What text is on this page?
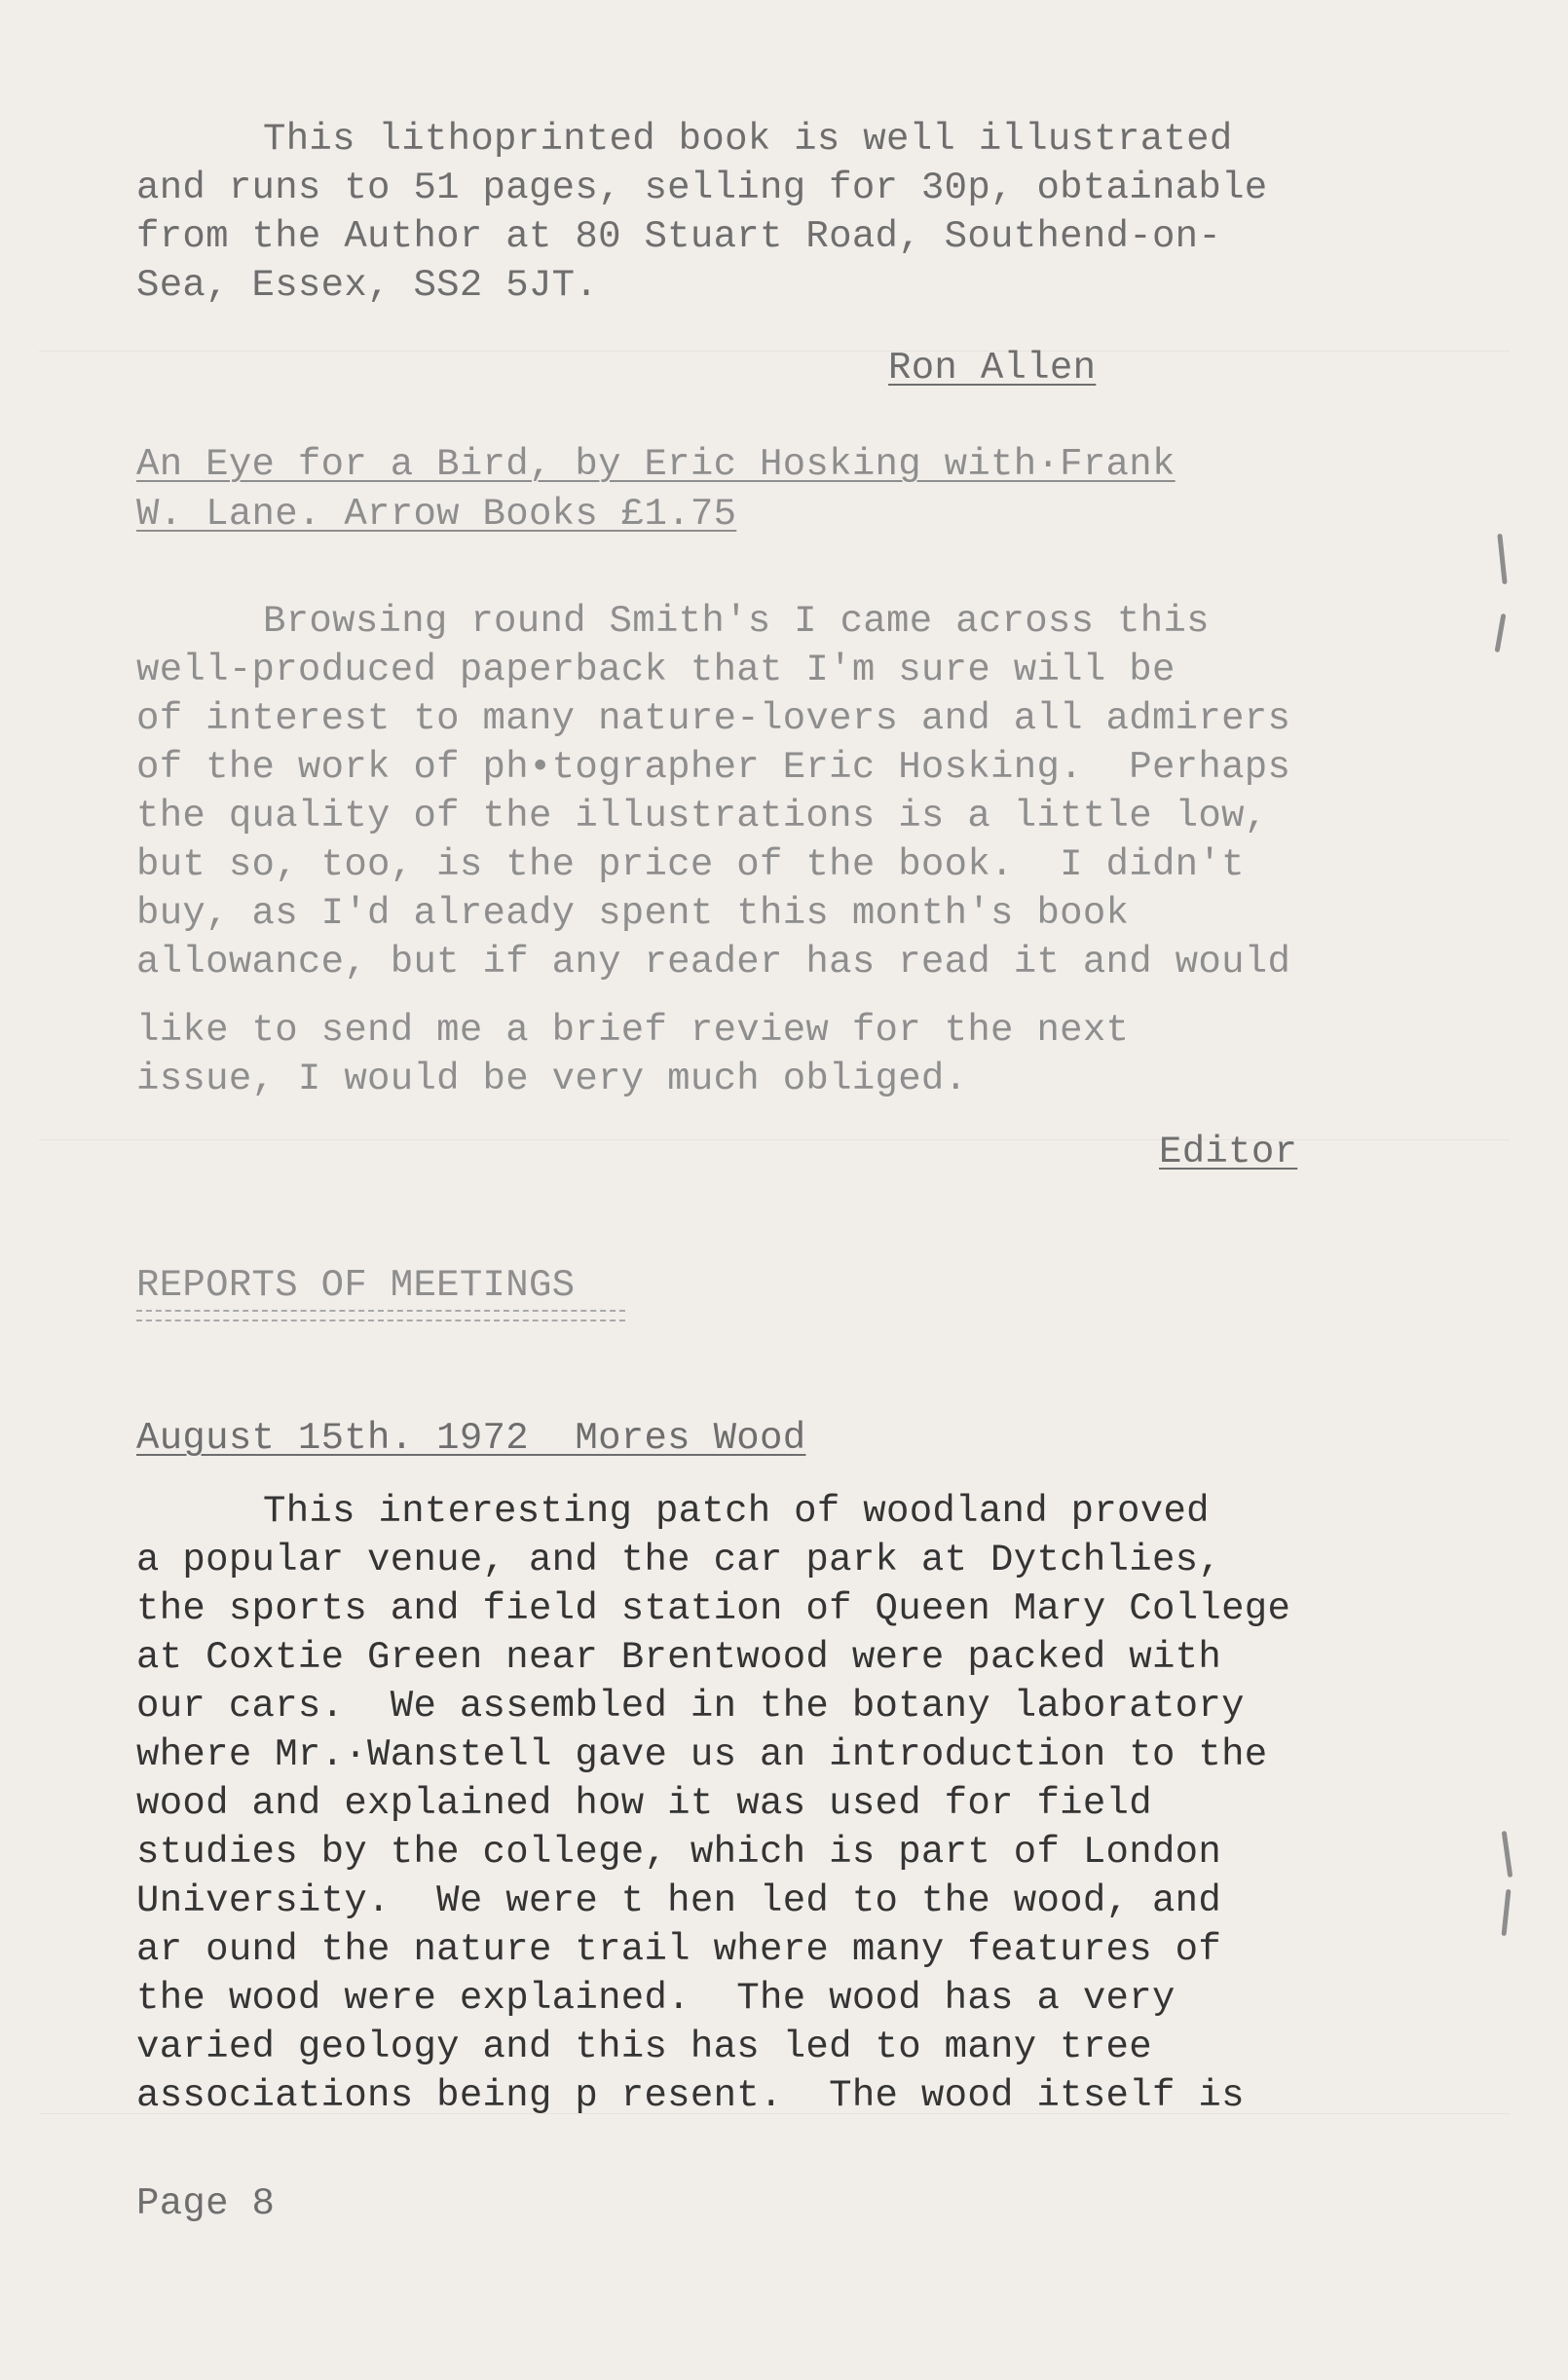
This lithoprinted book is well illustrated
and runs to 51 pages, selling for 30p, obtainable
from the Author at 80 Stuart Road, Southend-on-
Sea, Essex, SS2 5JT.
Ron Allen
An Eye for a Bird, by Eric Hosking with·Frank
W. Lane. Arrow Books £1.75
Browsing round Smith's I came across this
well-produced paperback that I'm sure will be
of interest to many nature-lovers and all admirers
of the work of ph•tographer Eric Hosking.  Perhaps
the quality of the illustrations is a little low,
but so, too, is the price of the book.  I didn't
buy, as I'd already spent this month's book
allowance, but if any reader has read it and would
like to send me a brief review for the next
issue, I would be very much obliged.
Editor
REPORTS OF MEETINGS
August 15th. 1972  Mores Wood
This interesting patch of woodland proved
a popular venue, and the car park at Dytchlies,
the sports and field station of Queen Mary College
at Coxtie Green near Brentwood were packed with
our cars.  We assembled in the botany laboratory
where Mr.·Wanstell gave us an introduction to the
wood and explained how it was used for field
studies by the college, which is part of London
University.  We were t hen led to the wood, and
ar ound the nature trail where many features of
the wood were explained.  The wood has a very
varied geology and this has led to many tree
associations being p resent.  The wood itself is
Page 8
